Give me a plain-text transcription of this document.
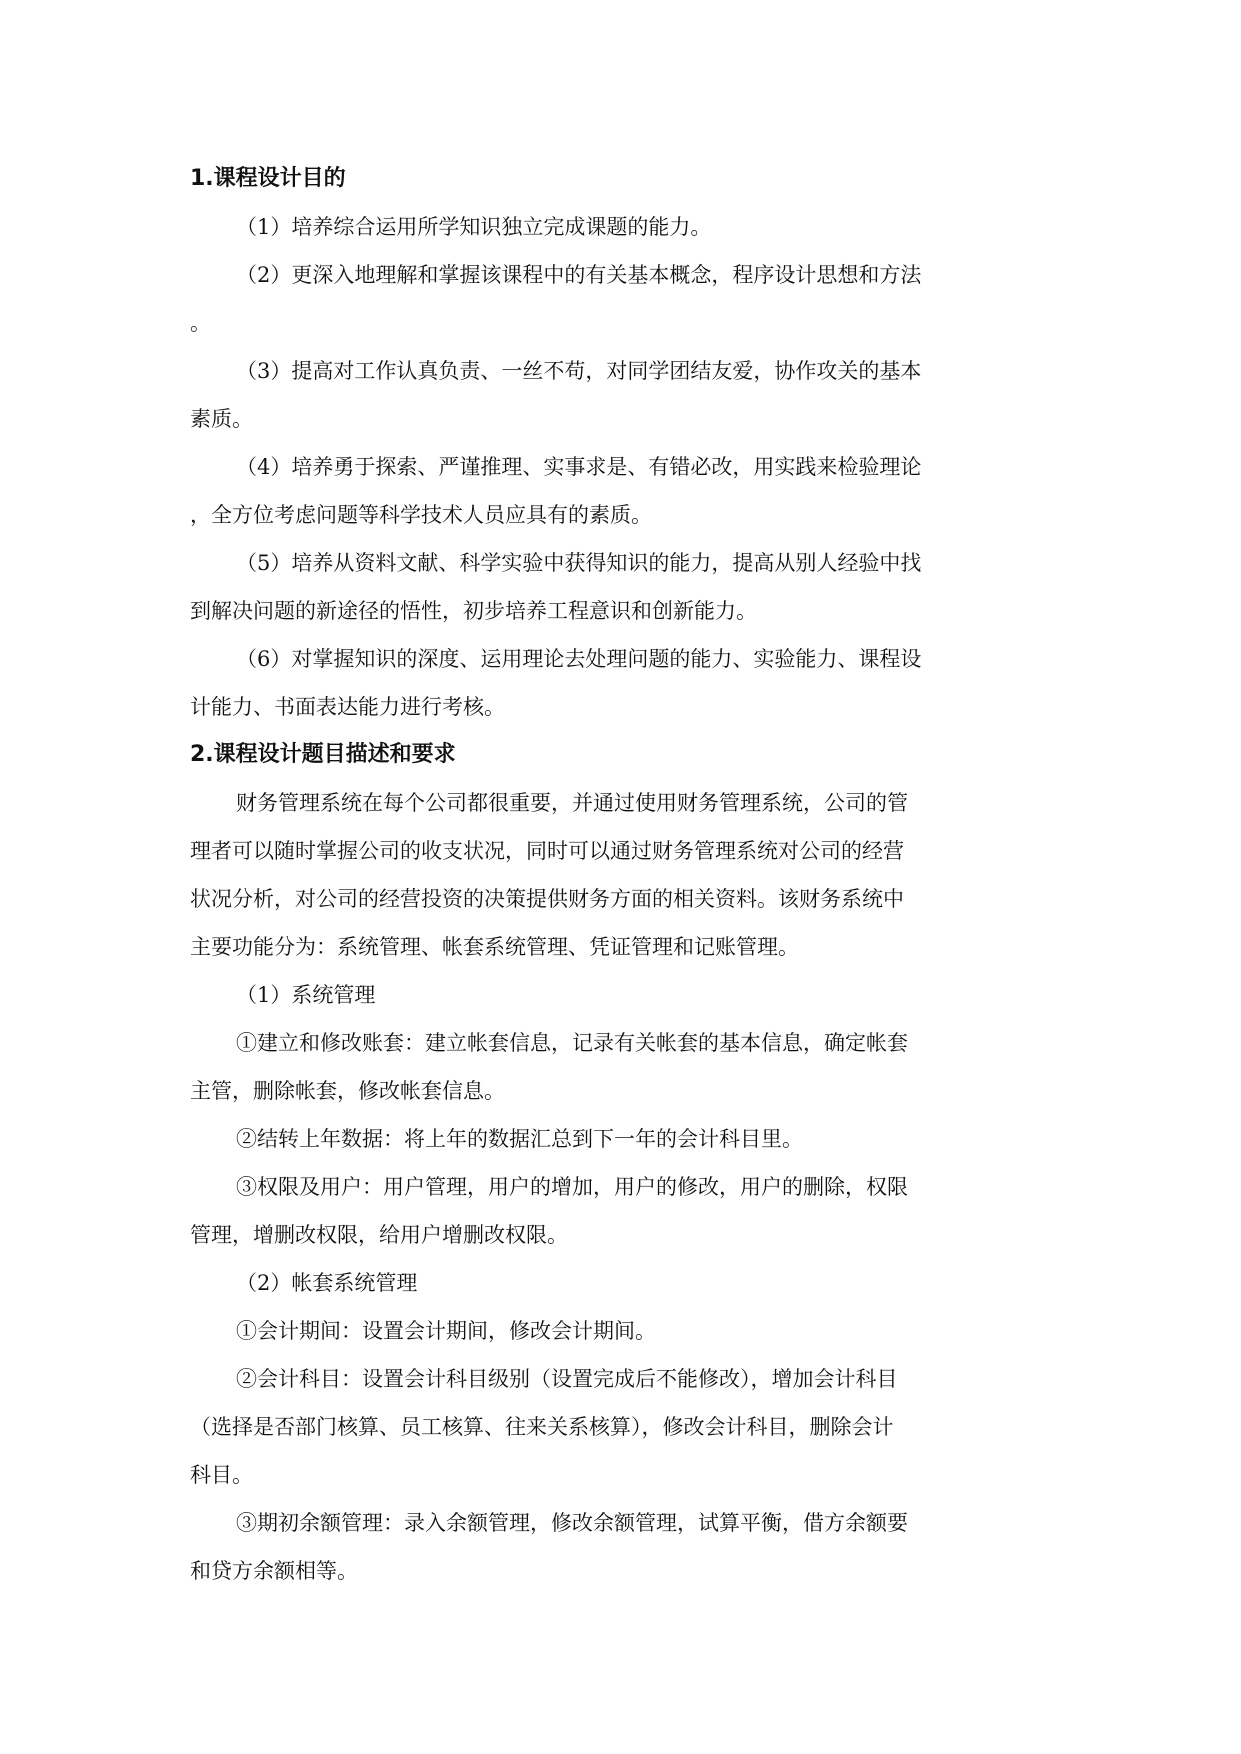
1.课程设计目的

（1）培养综合运用所学知识独立完成课题的能力。

（2）更深入地理解和掌握该课程中的有关基本概念，程序设计思想和方法
。

（3）提高对工作认真负责、一丝不苟，对同学团结友爱，协作攻关的基本
素质。

（4）培养勇于探索、严谨推理、实事求是、有错必改，用实践来检验理论
，全方位考虑问题等科学技术人员应具有的素质。

（5）培养从资料文献、科学实验中获得知识的能力，提高从别人经验中找
到解决问题的新途径的悟性，初步培养工程意识和创新能力。

（6）对掌握知识的深度、运用理论去处理问题的能力、实验能力、课程设
计能力、书面表达能力进行考核。

2.课程设计题目描述和要求

财务管理系统在每个公司都很重要，并通过使用财务管理系统，公司的管
理者可以随时掌握公司的收支状况，同时可以通过财务管理系统对公司的经营
状况分析，对公司的经营投资的决策提供财务方面的相关资料。该财务系统中
主要功能分为：系统管理、帐套系统管理、凭证管理和记账管理。

（1）系统管理

①建立和修改账套：建立帐套信息，记录有关帐套的基本信息，确定帐套
主管，删除帐套，修改帐套信息。

②结转上年数据：将上年的数据汇总到下一年的会计科目里。

③权限及用户：用户管理，用户的增加，用户的修改，用户的删除，权限
管理，增删改权限，给用户增删改权限。

（2）帐套系统管理

①会计期间：设置会计期间，修改会计期间。

②会计科目：设置会计科目级别（设置完成后不能修改），增加会计科目
（选择是否部门核算、员工核算、往来关系核算），修改会计科目，删除会计
科目。

③期初余额管理：录入余额管理，修改余额管理，试算平衡，借方余额要
和贷方余额相等。
